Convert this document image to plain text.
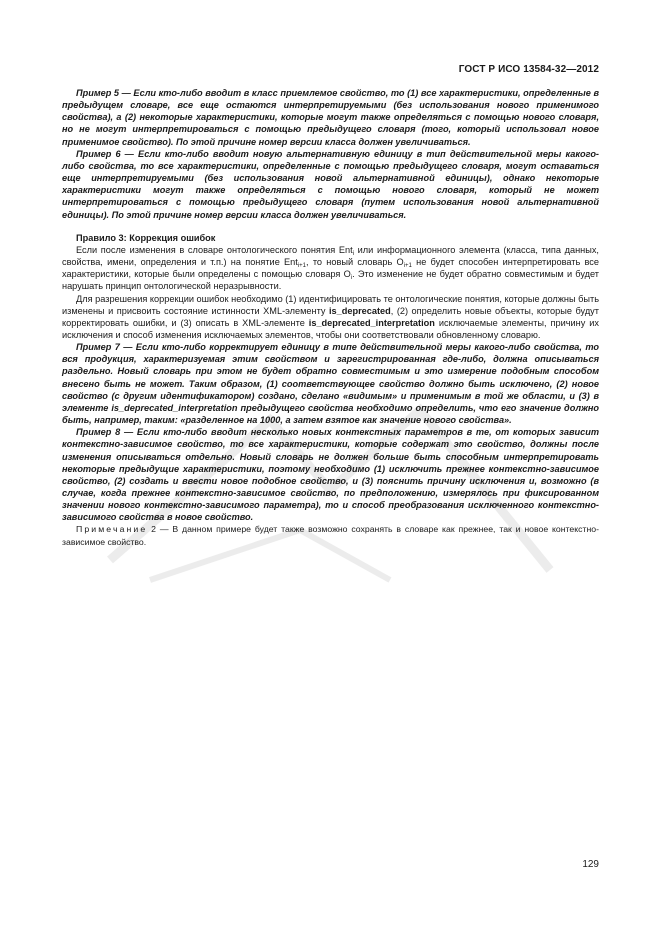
ГОСТ Р ИСО 13584-32—2012

Пример 5 — Если кто-либо вводит в класс приемлемое свойство, то (1) все характеристики, определенные в предыдущем словаре, все еще остаются интерпретируемыми (без использования нового применимого свойства), а (2) некоторые характеристики, которые могут также определяться с помощью нового словаря, но не могут интерпретироваться с помощью предыдущего словаря (того, который использовал новое применимое свойство). По этой причине номер версии класса должен увеличиваться.

Пример 6 — Если кто-либо вводит новую альтернативную единицу в тип действительной меры какого-либо свойства, то все характеристики, определенные с помощью предыдущего словаря, могут оставаться еще интерпретируемыми (без использования новой альтернативной единицы), однако некоторые характеристики могут также определяться с помощью нового словаря, который не может интерпретироваться с помощью предыдущего словаря (путем использования новой альтернативной единицы). По этой причине номер версии класса должен увеличиваться.

Правило 3: Коррекция ошибок

Если после изменения в словаре онтологического понятия Ent$_i$ или информационного элемента (класса, типа данных, свойства, имени, определения и т.п.) на понятие Ent$_{i+1}$, то новый словарь $O_{i+1}$ не будет способен интерпретировать все характеристики, которые были определены с помощью словаря $O_i$. Это изменение не будет обратно совместимым и будет нарушать принцип онтологической неразрывности.

Для разрешения коррекции ошибок необходимо (1) идентифицировать те онтологические понятия, которые должны быть изменены и присвоить состояние истинности XML-элементу is_deprecated, (2) определить новые объекты, которые будут корректировать ошибки, и (3) описать в XML-элементе is_deprecated_interpretation исключаемые элементы, причину их исключения и способ изменения исключаемых элементов, чтобы они соответствовали обновленному словарю.

Пример 7 — Если кто-либо корректирует единицу в типе действительной меры какого-либо свойства, то вся продукция, характеризуемая этим свойством и зарегистрированная где-либо, должна описываться раздельно. Новый словарь при этом не будет обратно совместимым и это измерение подобным способом внесено быть не может. Таким образом, (1) соответствующее свойство должно быть исключено, (2) новое свойство (с другим идентификатором) создано, сделано «видимым» и применимым в той же области, и (3) в элементе is_deprecated_interpretation предыдущего свойства необходимо определить, что его значение должно быть, например, таким: «разделенное на 1000, а затем взятое как значение нового свойства».

Пример 8 — Если кто-либо вводит несколько новых контекстных параметров в те, от которых зависит контекстно-зависимое свойство, то все характеристики, которые содержат это свойство, должны после изменения описываться отдельно. Новый словарь не должен больше быть способным интерпретировать некоторые предыдущие характеристики, поэтому необходимо (1) исключить прежнее контекстно-зависимое свойство, (2) создать и ввести новое подобное свойство, и (3) пояснить причину исключения и, возможно (в случае, когда прежнее контекстно-зависимое свойство, по предположению, измерялось при фиксированном значении нового контекстно-зависимого параметра), то и способ преобразования исключенного контекстно-зависимого свойства в новое свойство.

Примечание 2 — В данном примере будет также возможно сохранять в словаре как прежнее, так и новое контекстно-зависимое свойство.

129
